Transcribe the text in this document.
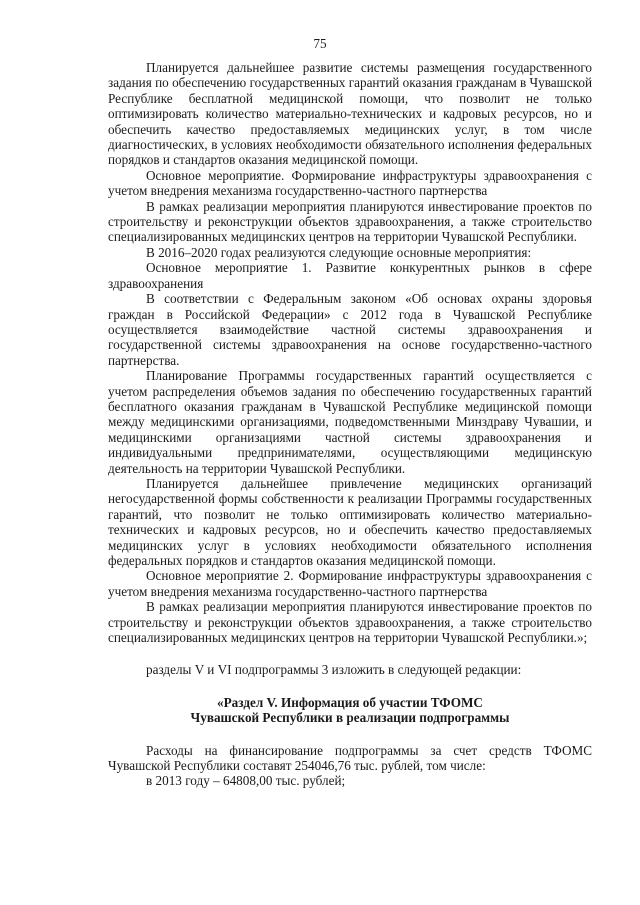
75

Планируется дальнейшее развитие системы размещения государственного задания по обеспечению государственных гарантий оказания гражданам в Чувашской Республике бесплатной медицинской помощи, что позволит не только оптимизировать количество материально-технических и кадровых ресурсов, но и обеспечить качество предоставляемых медицинских услуг, в том числе диагностических, в условиях необходимости обязательного исполнения федеральных порядков и стандартов оказания медицинской помощи.

Основное мероприятие. Формирование инфраструктуры здравоохранения с учетом внедрения механизма государственно-частного партнерства

В рамках реализации мероприятия планируются инвестирование проектов по строительству и реконструкции объектов здравоохранения, а также строительство специализированных медицинских центров на территории Чувашской Республики.

В 2016–2020 годах реализуются следующие основные мероприятия:

Основное мероприятие 1. Развитие конкурентных рынков в сфере здравоохранения

В соответствии с Федеральным законом «Об основах охраны здоровья граждан в Российской Федерации» с 2012 года в Чувашской Республике осуществляется взаимодействие частной системы здравоохранения и государственной системы здравоохранения на основе государственно-частного партнерства.

Планирование Программы государственных гарантий осуществляется с учетом распределения объемов задания по обеспечению государственных гарантий бесплатного оказания гражданам в Чувашской Республике медицинской помощи между медицинскими организациями, подведомственными Минздраву Чувашии, и медицинскими организациями частной системы здравоохранения и индивидуальными предпринимателями, осуществляющими медицинскую деятельность на территории Чувашской Республики.

Планируется дальнейшее привлечение медицинских организаций негосударственной формы собственности к реализации Программы государственных гарантий, что позволит не только оптимизировать количество материально-технических и кадровых ресурсов, но и обеспечить качество предоставляемых медицинских услуг в условиях необходимости обязательного исполнения федеральных порядков и стандартов оказания медицинской помощи.

Основное мероприятие 2. Формирование инфраструктуры здравоохранения с учетом внедрения механизма государственно-частного партнерства

В рамках реализации мероприятия планируются инвестирование проектов по строительству и реконструкции объектов здравоохранения, а также строительство специализированных медицинских центров на территории Чувашской Республики.»;

разделы V и VI подпрограммы 3 изложить в следующей редакции:

«Раздел V. Информация об участии ТФОМС

Чувашской Республики в реализации подпрограммы

Расходы на финансирование подпрограммы за счет средств ТФОМС Чувашской Республики составят 254046,76 тыс. рублей, том числе:

в 2013 году – 64808,00 тыс. рублей;
